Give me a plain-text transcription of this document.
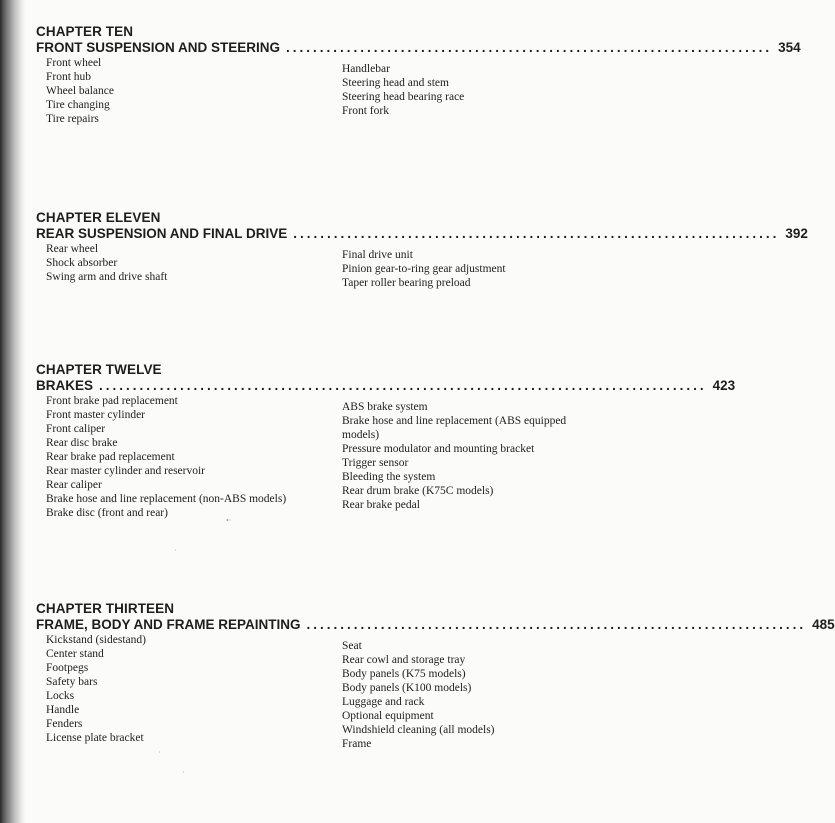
CHAPTER TEN
FRONT SUSPENSION AND STEERING ........................................................................ 354
Front wheel
Front hub
Wheel balance
Tire changing
Tire repairs
Handlebar
Steering head and stem
Steering head bearing race
Front fork
CHAPTER ELEVEN
REAR SUSPENSION AND FINAL DRIVE ........................................................................ 392
Rear wheel
Shock absorber
Swing arm and drive shaft
Final drive unit
Pinion gear-to-ring gear adjustment
Taper roller bearing preload
CHAPTER TWELVE
BRAKES .......................................................................................... 423
Front brake pad replacement
Front master cylinder
Front caliper
Rear disc brake
Rear brake pad replacement
Rear master cylinder and reservoir
Rear caliper
Brake hose and line replacement (non-ABS models)
Brake disc (front and rear)
ABS brake system
Brake hose and line replacement (ABS equipped models)
Pressure modulator and mounting bracket
Trigger sensor
Bleeding the system
Rear drum brake (K75C models)
Rear brake pedal
CHAPTER THIRTEEN
FRAME, BODY AND FRAME REPAINTING .......................................................................... 485
Kickstand (sidestand)
Center stand
Footpegs
Safety bars
Locks
Handle
Fenders
License plate bracket
Seat
Rear cowl and storage tray
Body panels (K75 models)
Body panels (K100 models)
Luggage and rack
Optional equipment
Windshield cleaning (all models)
Frame
•·
·
·
·
